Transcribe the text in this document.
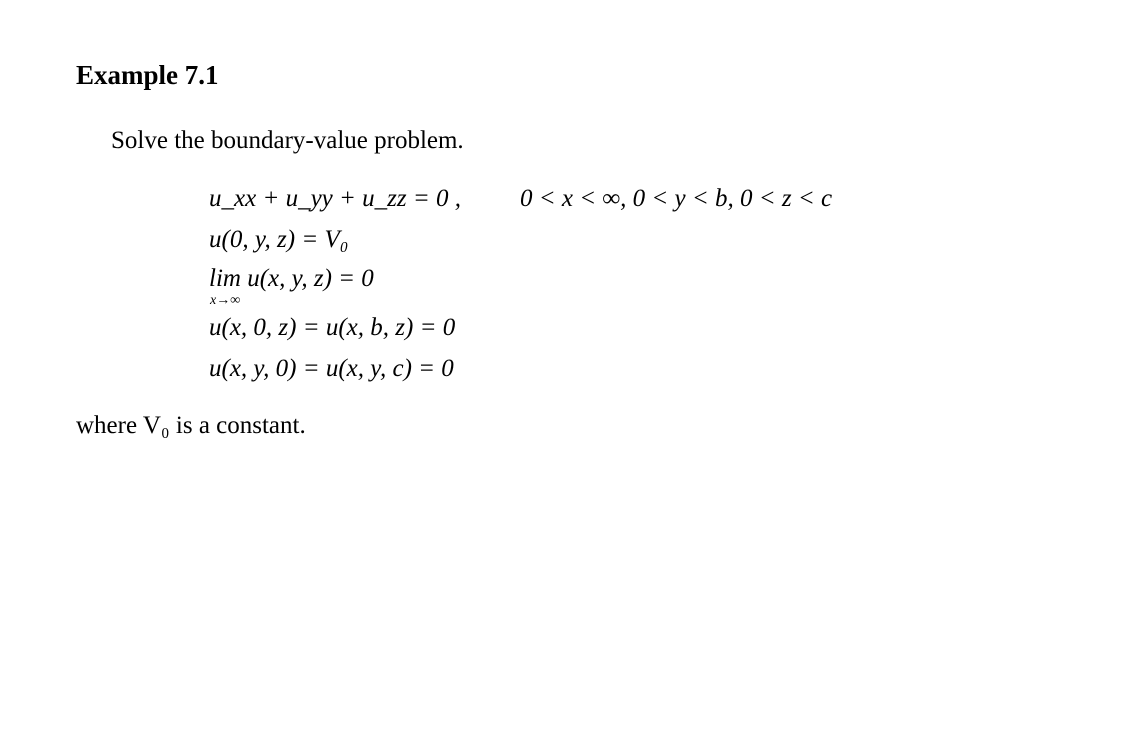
Example 7.1
Solve the boundary-value problem.
u_xx + u_yy + u_zz = 0 , 0 < x < ∞, 0 < y < b, 0 < z < c
u(0, y, z) = V₀
lim u(x, y, z) = 0
x→∞
u(x, 0, z) = u(x, b, z) = 0
u(x, y, 0) = u(x, y, c) = 0
where V₀ is a constant.
